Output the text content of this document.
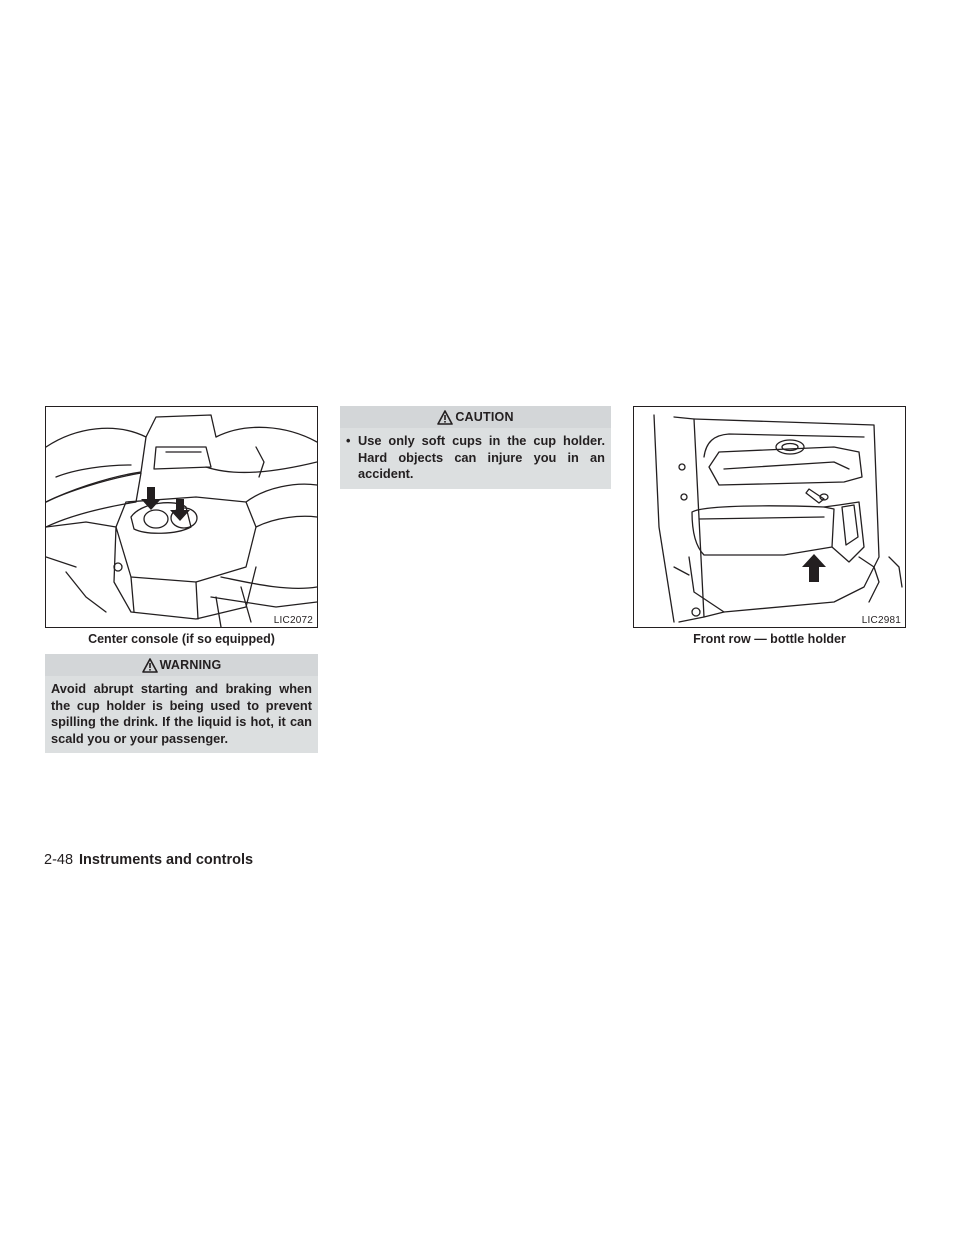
LIC2072
Center console (if so equipped)
WARNING
Avoid abrupt starting and braking when the cup holder is being used to prevent spilling the drink. If the liquid is hot, it can scald you or your passenger.
CAUTION
• Use only soft cups in the cup holder. Hard objects can injure you in an accident.
LIC2981
Front row — bottle holder
2-48 Instruments and controls
